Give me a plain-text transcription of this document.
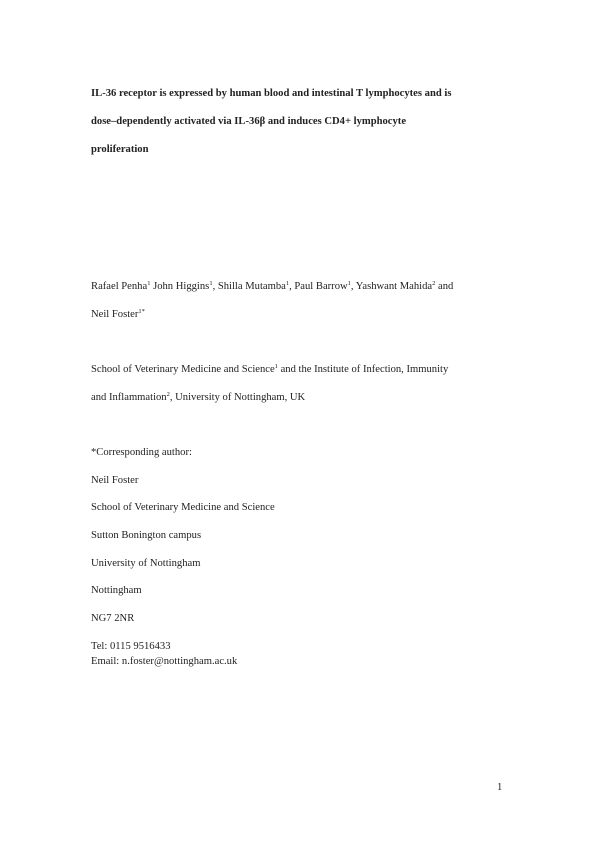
IL-36 receptor is expressed by human blood and intestinal T lymphocytes and is

dose–dependently activated via IL-36β and induces CD4+ lymphocyte

proliferation

Rafael Penha$^1$ John Higgins$^1$, Shilla Mutamba$^1$, Paul Barrow$^1$, Yashwant Mahida$^2$ and

Neil Foster$^{1*}$

School of Veterinary Medicine and Science$^1$ and the Institute of Infection, Immunity

and Inflammation$^2$, University of Nottingham, UK

*Corresponding author:

Neil Foster

School of Veterinary Medicine and Science

Sutton Bonington campus

University of Nottingham

Nottingham

NG7 2NR

Tel: 0115 9516433

Email: n.foster@nottingham.ac.uk

1
